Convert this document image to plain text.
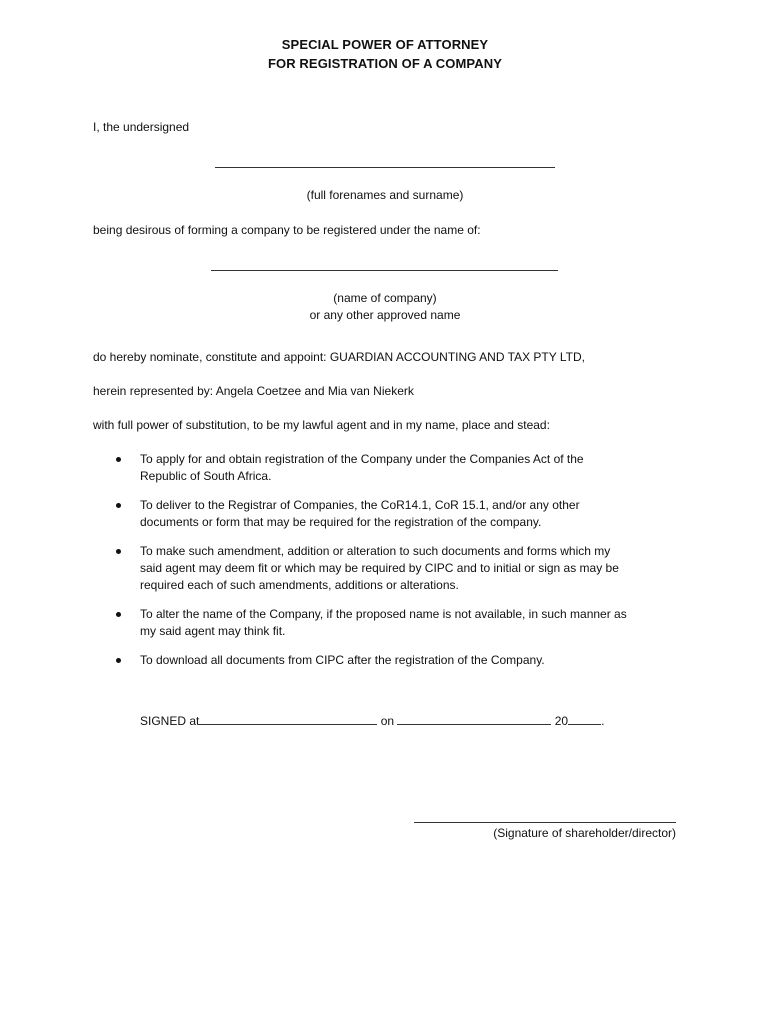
SPECIAL POWER OF ATTORNEY
FOR REGISTRATION OF A COMPANY
I, the undersigned
(full forenames and surname)
being desirous of forming a company to be registered under the name of:
(name of company)
or any other approved name
do hereby nominate, constitute and appoint: GUARDIAN ACCOUNTING AND TAX PTY LTD,
herein represented by: Angela Coetzee and Mia van Niekerk
with full power of substitution, to be my lawful agent and in my name, place and stead:
To apply for and obtain registration of the Company under the Companies Act of the
Republic of South Africa.
To deliver to the Registrar of Companies, the CoR14.1, CoR 15.1, and/or any other
documents or form that may be required for the registration of the company.
To make such amendment, addition or alteration to such documents and forms which my
said agent may deem fit or which may be required by CIPC and to initial or sign as may be
required each of such amendments, additions or alterations.
To alter the name of the Company, if the proposed name is not available, in such manner as
my said agent may think fit.
To download all documents from CIPC after the registration of the Company.
SIGNED at	on	20	.
(Signature of shareholder/director)
